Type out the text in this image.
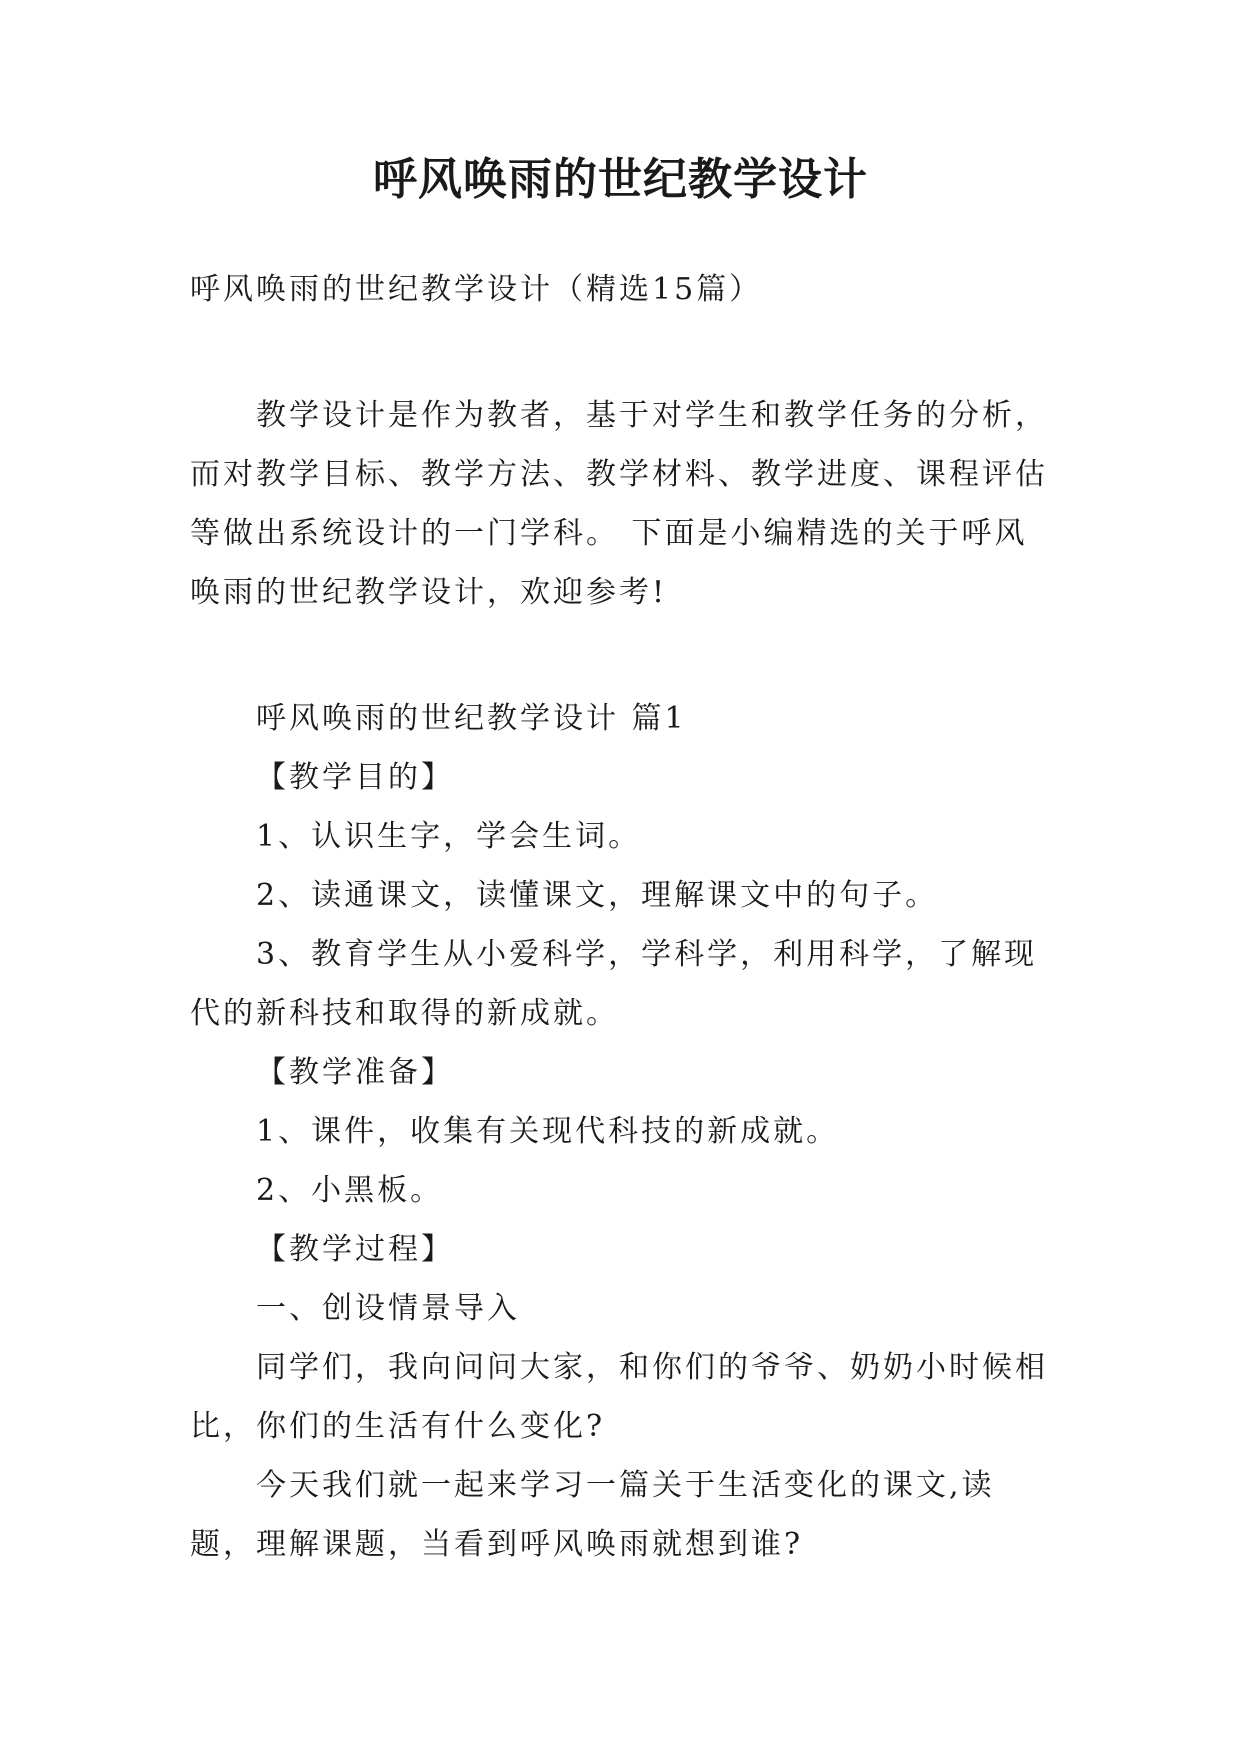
呼风唤雨的世纪教学设计

呼风唤雨的世纪教学设计（精选15篇）

教学设计是作为教者，基于对学生和教学任务的分析，而对教学目标、教学方法、教学材料、教学进度、课程评估等做出系统设计的一门学科。 下面是小编精选的关于呼风唤雨的世纪教学设计，欢迎参考!

呼风唤雨的世纪教学设计 篇1

【教学目的】

1、认识生字，学会生词。

2、读通课文，读懂课文，理解课文中的句子。

3、教育学生从小爱科学，学科学，利用科学，了解现代的新科技和取得的新成就。

【教学准备】

1、课件，收集有关现代科技的新成就。

2、小黑板。

【教学过程】

一、创设情景导入

同学们，我向问问大家，和你们的爷爷、奶奶小时候相比，你们的生活有什么变化?

今天我们就一起来学习一篇关于生活变化的课文,读题，理解课题，当看到呼风唤雨就想到谁?
